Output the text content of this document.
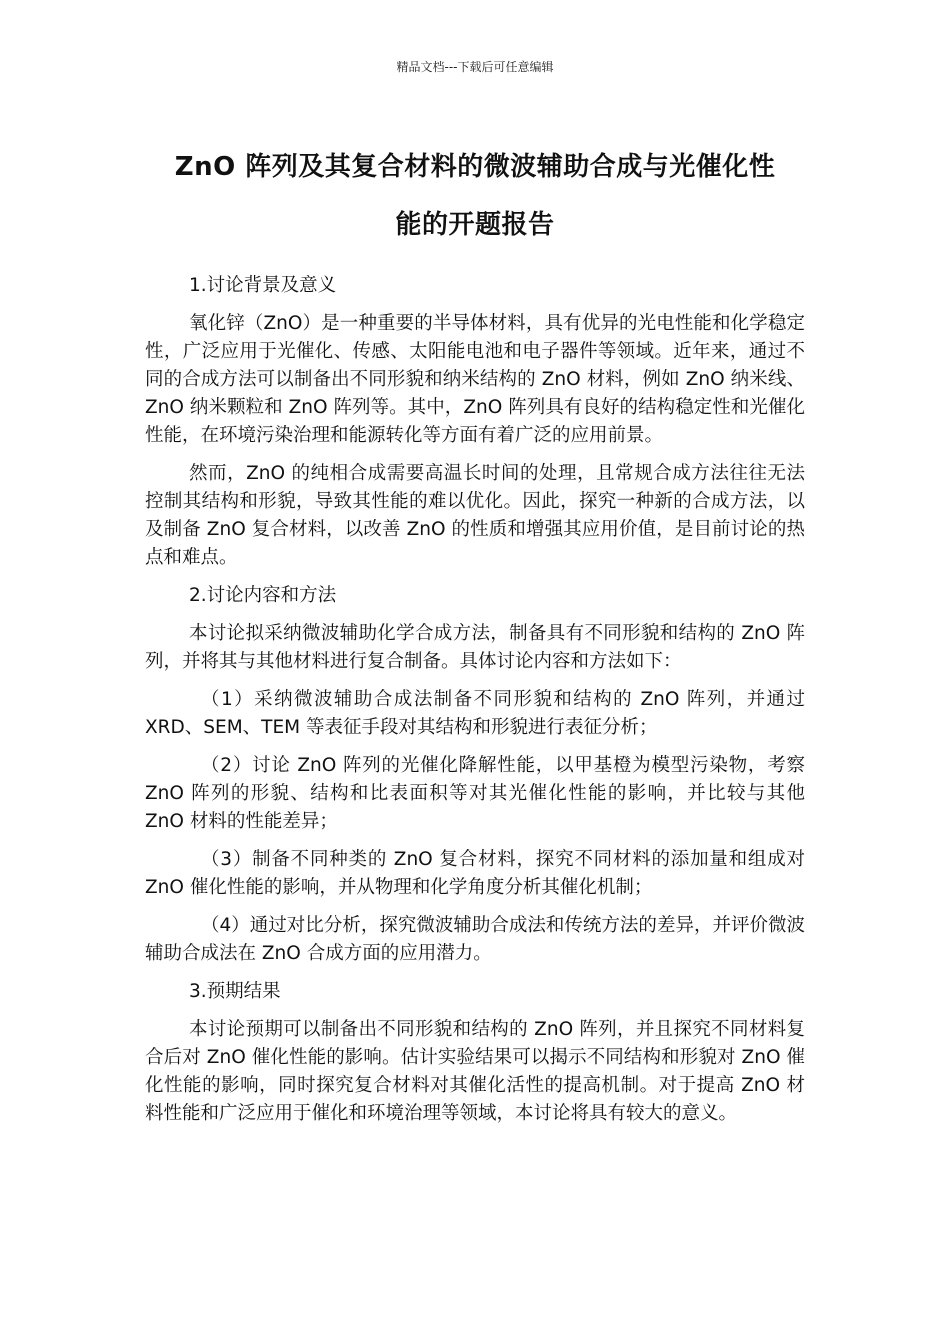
精品文档---下载后可任意编辑
ZnO 阵列及其复合材料的微波辅助合成与光催化性
能的开题报告

1.讨论背景及意义

氧化锌（ZnO）是一种重要的半导体材料，具有优异的光电性能和化学稳定性，广泛应用于光催化、传感、太阳能电池和电子器件等领域。近年来，通过不同的合成方法可以制备出不同形貌和纳米结构的 ZnO 材料，例如 ZnO 纳米线、ZnO 纳米颗粒和 ZnO 阵列等。其中，ZnO 阵列具有良好的结构稳定性和光催化性能，在环境污染治理和能源转化等方面有着广泛的应用前景。

然而，ZnO 的纯相合成需要高温长时间的处理，且常规合成方法往往无法控制其结构和形貌，导致其性能的难以优化。因此，探究一种新的合成方法，以及制备 ZnO 复合材料，以改善 ZnO 的性质和增强其应用价值，是目前讨论的热点和难点。

2.讨论内容和方法

本讨论拟采纳微波辅助化学合成方法，制备具有不同形貌和结构的 ZnO 阵列，并将其与其他材料进行复合制备。具体讨论内容和方法如下：

（1）采纳微波辅助合成法制备不同形貌和结构的 ZnO 阵列，并通过 XRD、SEM、TEM 等表征手段对其结构和形貌进行表征分析；

（2）讨论 ZnO 阵列的光催化降解性能，以甲基橙为模型污染物，考察 ZnO 阵列的形貌、结构和比表面积等对其光催化性能的影响，并比较与其他 ZnO 材料的性能差异；

（3）制备不同种类的 ZnO 复合材料，探究不同材料的添加量和组成对 ZnO 催化性能的影响，并从物理和化学角度分析其催化机制；

（4）通过对比分析，探究微波辅助合成法和传统方法的差异，并评价微波辅助合成法在 ZnO 合成方面的应用潜力。

3.预期结果

本讨论预期可以制备出不同形貌和结构的 ZnO 阵列，并且探究不同材料复合后对 ZnO 催化性能的影响。估计实验结果可以揭示不同结构和形貌对 ZnO 催化性能的影响，同时探究复合材料对其催化活性的提高机制。对于提高 ZnO 材料性能和广泛应用于催化和环境治理等领域，本讨论将具有较大的意义。
